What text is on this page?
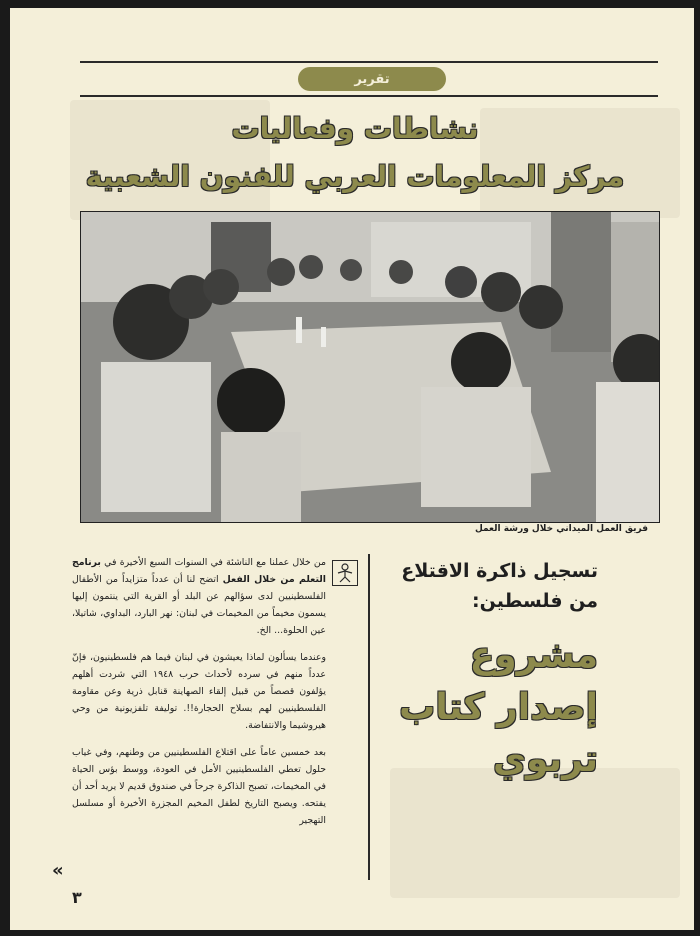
تقرير
نشاطات وفعاليات
مركز المعلومات العربي للفنون الشعبية
فريق العمل الميداني خلال ورشة العمل
تسجيل ذاكرة الاقتلاع
من فلسطين:
مشروع
إصدار كتاب
تربوي

من خلال عملنا مع الناشئة في السنوات السبع الأخيرة في برنامج التعلم من خلال الفعل اتضح لنا أن عدداً متزايداً من الأطفال الفلسطينيين لدى سؤالهم عن البلد أو القرية التي ينتمون إليها يسمون مخيماً من المخيمات في لبنان: نهر البارد، البداوي، شاتيلا، عين الحلوة... الخ.

وعندما يسألون لماذا يعيشون في لبنان فيما هم فلسطينيون، فإنّ عدداً منهم في سرده لأحداث حرب ١٩٤٨ التي شردت أهلهم يؤلفون قصصاً من قبيل إلقاء الصهاينة قنابل ذرية وعن مقاومة الفلسطينيين لهم بسلاح الحجارة!!. توليفة تلفزيونية من وحي هيروشيما والانتفاضة.

بعد خمسين عاماً على اقتلاع الفلسطينيين من وطنهم، وفي غياب حلول تعطي الفلسطينيين الأمل في العودة، ووسط بؤس الحياة في المخيمات، تصبح الذاكرة جرحاً في صندوق قديم لا يريد أحد أن يفتحه. ويصبح التاريخ لطفل المخيم المجزرة الأخيرة أو مسلسل التهجير

«
٣
